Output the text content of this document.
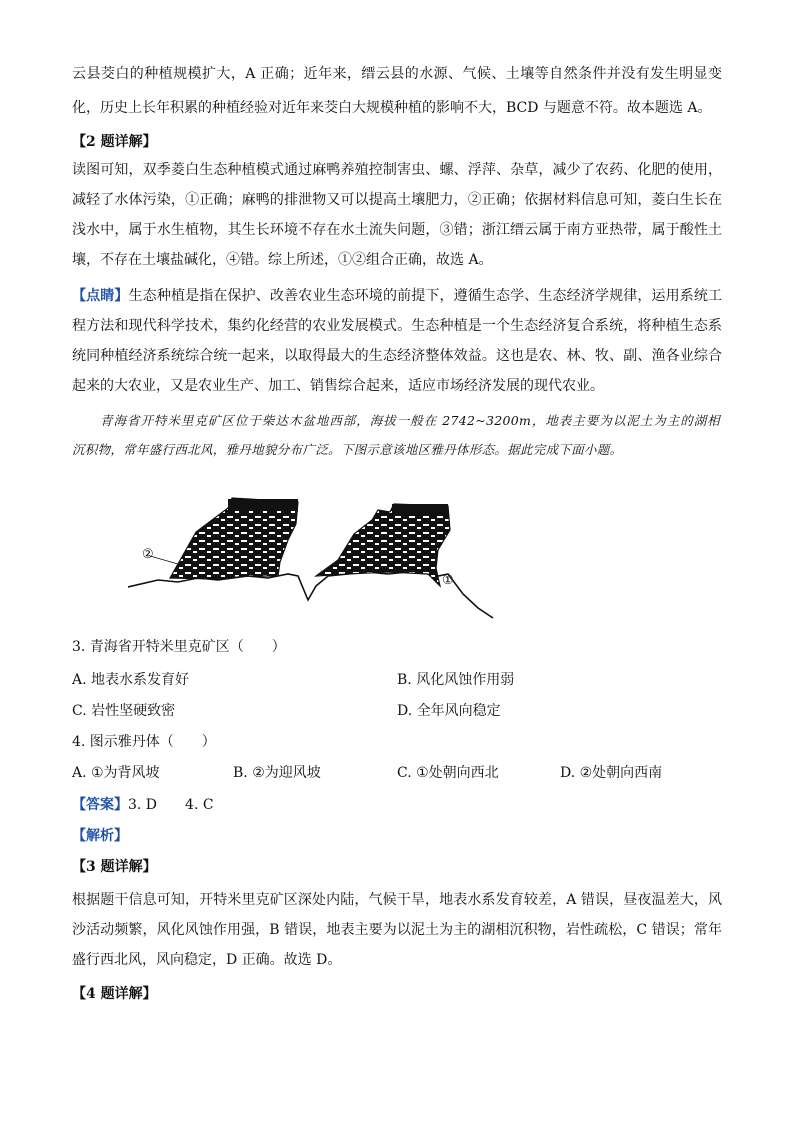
云县茭白的种植规模扩大，A 正确；近年来，缙云县的水源、气候、土壤等自然条件并没有发生明显变
化，历史上长年积累的种植经验对近年来茭白大规模种植的影响不大，BCD 与题意不符。故本题选 A。
【2 题详解】
读图可知，双季菱白生态种植模式通过麻鸭养殖控制害虫、螺、浮萍、杂草，减少了农药、化肥的使用，
减轻了水体污染，①正确；麻鸭的排泄物又可以提高土壤肥力，②正确；依据材料信息可知，菱白生长在
浅水中，属于水生植物，其生长环境不存在水土流失问题，③错；浙江缙云属于南方亚热带，属于酸性土
壤，不存在土壤盐碱化，④错。综上所述，①②组合正确，故选 A。
【点睛】生态种植是指在保护、改善农业生态环境的前提下，遵循生态学、生态经济学规律，运用系统工
程方法和现代科学技术，集约化经营的农业发展模式。生态种植是一个生态经济复合系统，将种植生态系
统同种植经济系统综合统一起来，以取得最大的生态经济整体效益。这也是农、林、牧、副、渔各业综合
起来的大农业，又是农业生产、加工、销售综合起来，适应市场经济发展的现代农业。
青海省开特米里克矿区位于柴达木盆地西部，海拔一般在 2742~3200m，地表主要为以泥土为主的湖相
沉积物，常年盛行西北风，雅丹地貌分布广泛。下图示意该地区雅丹体形态。据此完成下面小题。
②
①
3. 青海省开特米里克矿区（　　）
A. 地表水系发育好	B. 风化风蚀作用弱
C. 岩性坚硬致密	D. 全年风向稳定
4. 图示雅丹体（　　）
A. ①为背风坡	B. ②为迎风坡	C. ①处朝向西北	D. ②处朝向西南
【答案】3. D　　4. C
【解析】
【3 题详解】
根据题干信息可知，开特米里克矿区深处内陆，气候干旱，地表水系发育较差，A 错误，昼夜温差大，风
沙活动频繁，风化风蚀作用强，B 错误，地表主要为以泥土为主的湖相沉积物，岩性疏松，C 错误；常年
盛行西北风，风向稳定，D 正确。故选 D。
【4 题详解】
